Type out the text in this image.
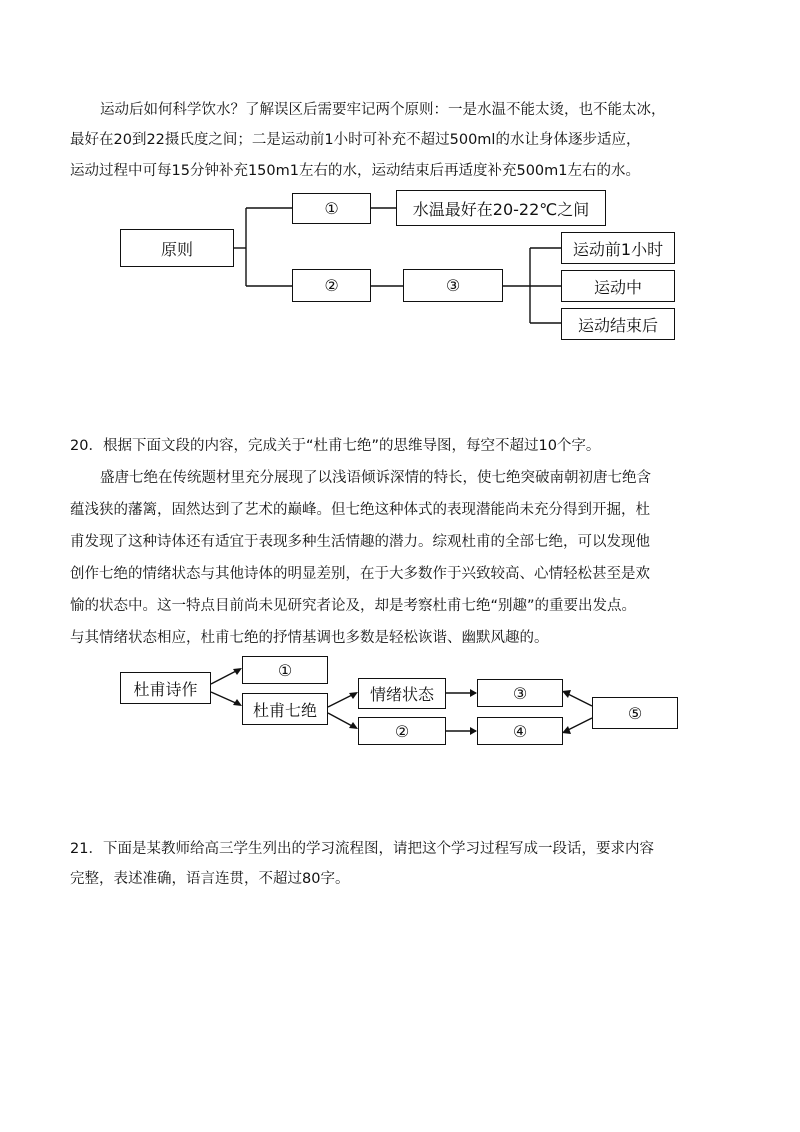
运动后如何科学饮水？了解误区后需要牢记两个原则：一是水温不能太烫，也不能太冰，
最好在20到22摄氏度之间；二是运动前1小时可补充不超过500ml的水让身体逐步适应，
运动过程中可每15分钟补充150m1左右的水，运动结束后再适度补充500m1左右的水。
原则
①	水温最好在20-22℃之间
②	③
运动前1小时
运动中
运动结束后
20．根据下面文段的内容，完成关于“杜甫七绝”的思维导图，每空不超过10个字。
盛唐七绝在传统题材里充分展现了以浅语倾诉深情的特长，使七绝突破南朝初唐七绝含
蕴浅狭的藩篱，固然达到了艺术的巅峰。但七绝这种体式的表现潜能尚未充分得到开掘，杜
甫发现了这种诗体还有适宜于表现多种生活情趣的潜力。综观杜甫的全部七绝，可以发现他
创作七绝的情绪状态与其他诗体的明显差别，在于大多数作于兴致较高、心情轻松甚至是欢
愉的状态中。这一特点目前尚未见研究者论及，却是考察杜甫七绝“别趣”的重要出发点。
与其情绪状态相应，杜甫七绝的抒情基调也多数是轻松诙谐、幽默风趣的。
杜甫诗作
①
杜甫七绝
情绪状态
②
③
④
⑤
21．下面是某教师给高三学生列出的学习流程图，请把这个学习过程写成一段话，要求内容
完整，表述准确，语言连贯，不超过80字。
